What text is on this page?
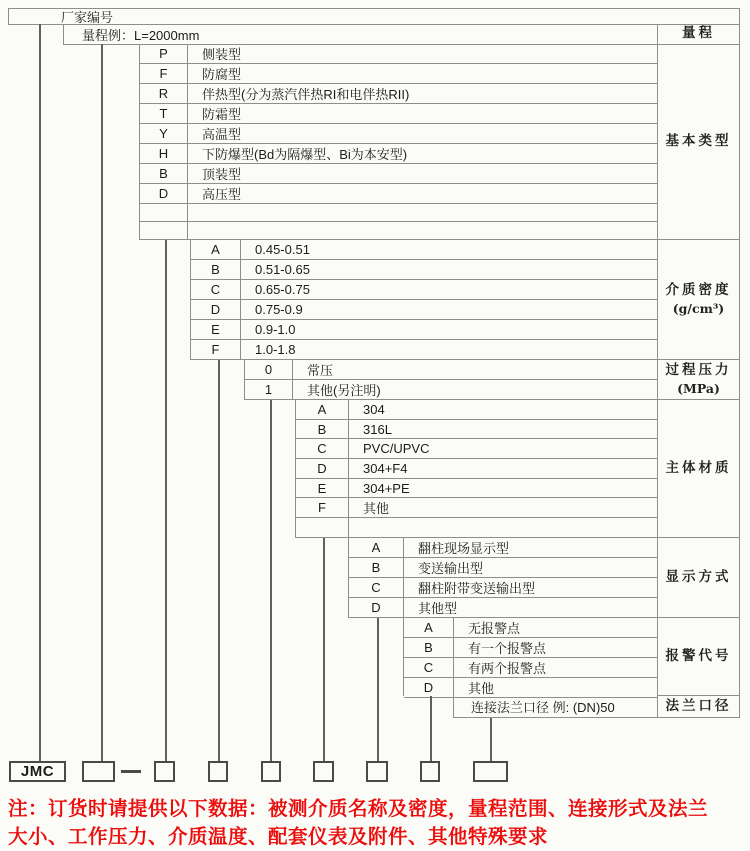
厂家编号
量程例：L=2000mm
P	侧装型
F	防腐型
R	伴热型(分为蒸汽伴热RI和电伴热RII)
T	防霜型
Y	高温型
H	下防爆型(Bd为隔爆型、Bi为本安型)
B	顶装型
D	高压型
A	0.45-0.51
B	0.51-0.65
C	0.65-0.75
D	0.75-0.9
E	0.9-1.0
F	1.0-1.8
0	常压
1	其他(另注明)
A	304
B	316L
C	PVC/UPVC
D	304+F4
E	304+PE
F	其他
A	翻柱现场显示型
B	变送输出型
C	翻柱附带变送输出型
D	其他型
A	无报警点
B	有一个报警点
C	有两个报警点
D	其他
连接法兰口径 例: (DN)50
量程
基本类型
介质密度
(g/cm³)
过程压力
(MPa)
主体材质
显示方式
报警代号
法兰口径
JMC
注：订货时请提供以下数据：被测介质名称及密度，量程范围、连接形式及法兰
大小、工作压力、介质温度、配套仪表及附件、其他特殊要求
